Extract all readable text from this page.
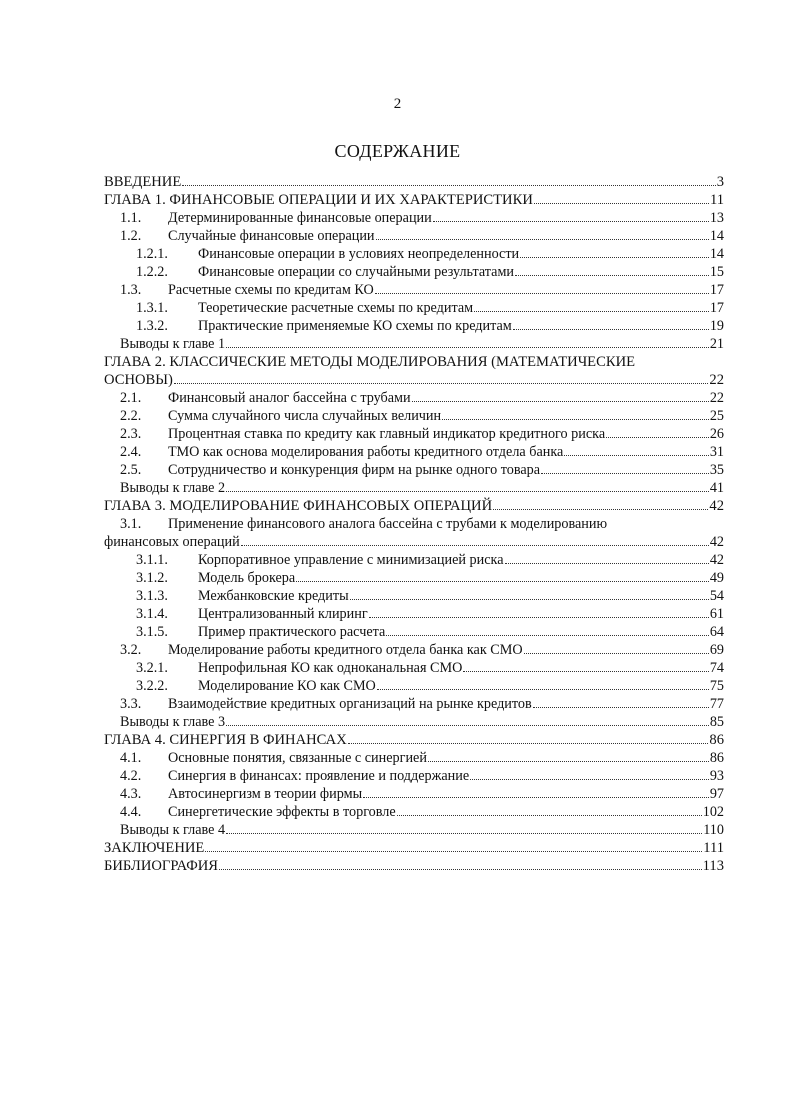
2
СОДЕРЖАНИЕ
ВВЕДЕНИЕ	3
ГЛАВА 1. ФИНАНСОВЫЕ ОПЕРАЦИИ И ИХ ХАРАКТЕРИСТИКИ	11
1.1.	Детерминированные финансовые операции	13
1.2.	Случайные финансовые операции	14
1.2.1.	Финансовые операции в условиях неопределенности	14
1.2.2.	Финансовые операции со случайными результатами	15
1.3.	Расчетные схемы по кредитам КО	17
1.3.1.	Теоретические расчетные схемы по кредитам	17
1.3.2.	Практические применяемые КО схемы по кредитам	19
Выводы к главе 1	21
ГЛАВА 2. КЛАССИЧЕСКИЕ МЕТОДЫ МОДЕЛИРОВАНИЯ (МАТЕМАТИЧЕСКИЕ
ОСНОВЫ)	22
2.1.	Финансовый аналог бассейна с трубами	22
2.2.	Сумма случайного числа случайных величин	25
2.3.	Процентная ставка по кредиту как главный индикатор кредитного риска	26
2.4.	ТМО как основа моделирования работы кредитного отдела банка	31
2.5.	Сотрудничество и конкуренция фирм на рынке одного товара	35
Выводы к главе 2	41
ГЛАВА 3. МОДЕЛИРОВАНИЕ ФИНАНСОВЫХ ОПЕРАЦИЙ	42
3.1.	Применение финансового аналога бассейна с трубами к моделированию
финансовых операций	42
3.1.1.	Корпоративное управление с минимизацией риска	42
3.1.2.	Модель брокера	49
3.1.3.	Межбанковские кредиты	54
3.1.4.	Централизованный клиринг	61
3.1.5.	Пример практического расчета	64
3.2.	Моделирование работы кредитного отдела банка как СМО	69
3.2.1.	Непрофильная КО как одноканальная СМО	74
3.2.2.	Моделирование КО как СМО	75
3.3.	Взаимодействие кредитных организаций на рынке кредитов	77
Выводы к главе 3	85
ГЛАВА 4. СИНЕРГИЯ В ФИНАНСАХ	86
4.1.	Основные понятия, связанные с синергией	86
4.2.	Синергия в финансах: проявление и поддержание	93
4.3.	Автосинергизм в теории фирмы	97
4.4.	Синергетические эффекты в торговле	102
Выводы к главе 4	110
ЗАКЛЮЧЕНИЕ	111
БИБЛИОГРАФИЯ	113
